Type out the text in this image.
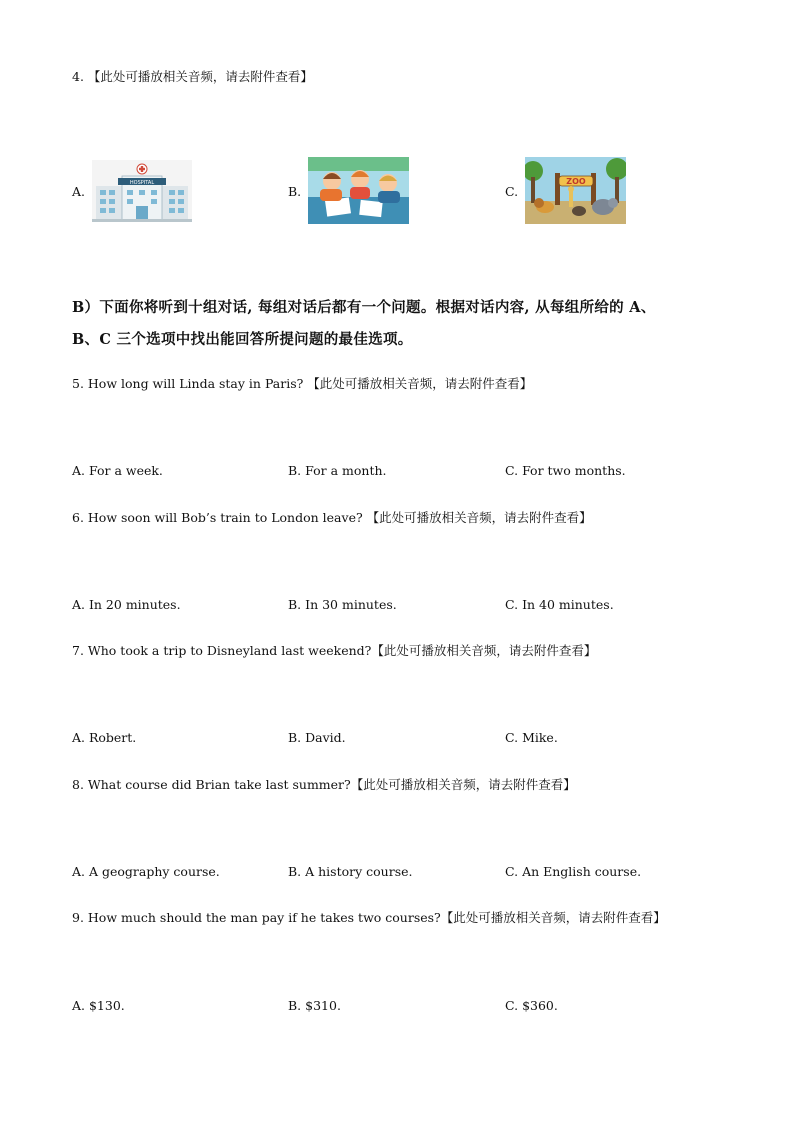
4. 【此处可播放相关音频，请去附件查看】
A.
HOSPITAL
B.	C.
ZOO
B）下面你将听到十组对话, 每组对话后都有一个问题。根据对话内容, 从每组所给的 A、
B、C 三个选项中找出能回答所提问题的最佳选项。
5. How long will Linda stay in Paris? 【此处可播放相关音频，请去附件查看】
A. For a week.	B. For a month.	C. For two months.
6. How soon will Bob’s train to London leave? 【此处可播放相关音频，请去附件查看】
A. In 20 minutes.	B. In 30 minutes.	C. In 40 minutes.
7. Who took a trip to Disneyland last weekend?【此处可播放相关音频，请去附件查看】
A. Robert.	B. David.	C. Mike.
8. What course did Brian take last summer?【此处可播放相关音频，请去附件查看】
A. A geography course.	B. A history course.	C. An English course.
9. How much should the man pay if he takes two courses?【此处可播放相关音频，请去附件查看】
A. $130.	B. $310.	C. $360.
